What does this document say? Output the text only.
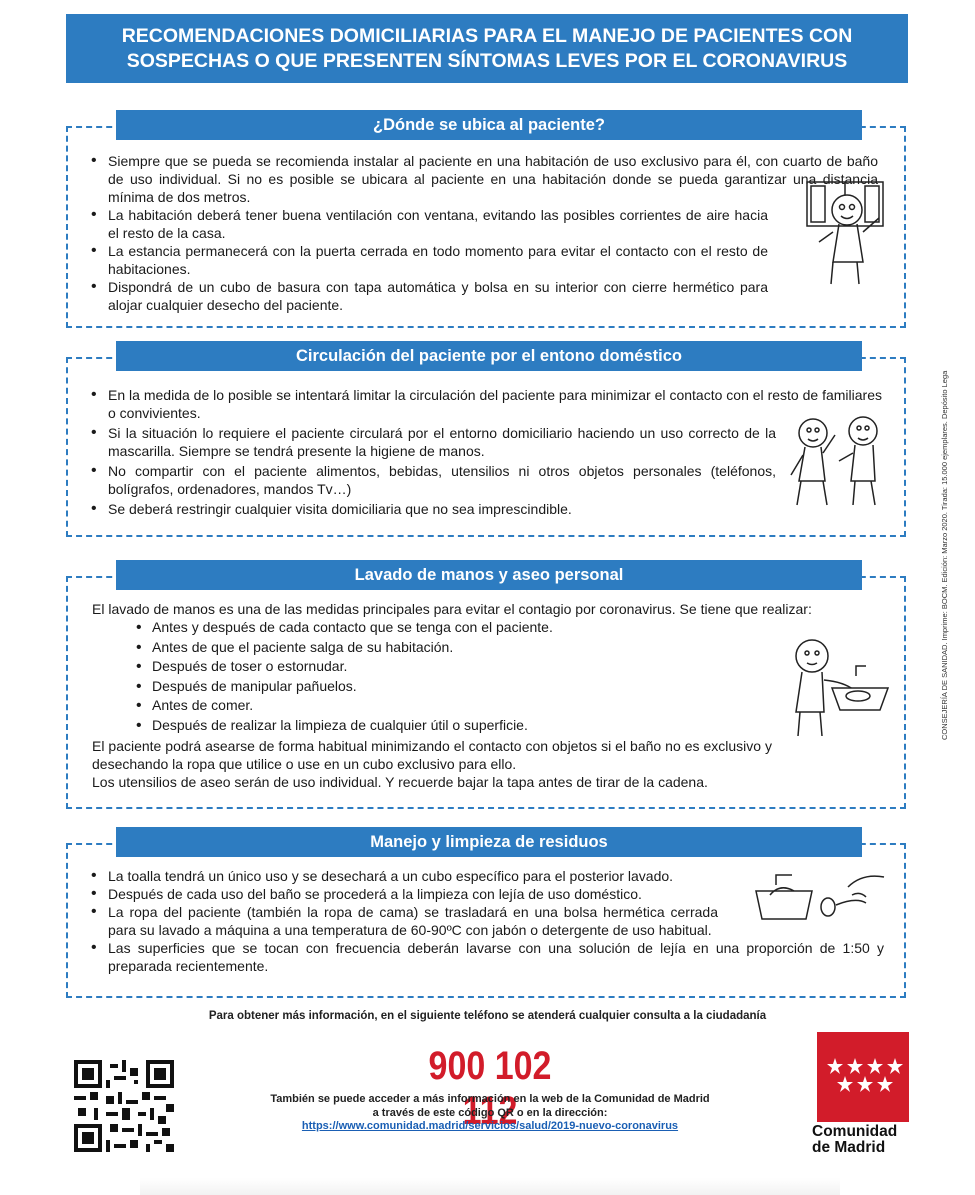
RECOMENDACIONES DOMICILIARIAS PARA EL MANEJO DE PACIENTES CON
SOSPECHAS O QUE PRESENTEN SÍNTOMAS LEVES POR EL CORONAVIRUS
¿Dónde se ubica al paciente?
• Siempre que se pueda se recomienda instalar al paciente en una habitación de uso exclusivo para él, con cuarto de baño de uso individual. Si no es posible se ubicara al paciente en una habitación donde se pueda garantizar una distancia mínima de dos metros.
• La habitación deberá tener buena ventilación con ventana, evitando las posibles corrientes de aire hacia el resto de la casa.
• La estancia permanecerá con la puerta cerrada en todo momento para evitar el contacto con el resto de habitaciones.
• Dispondrá de un cubo de basura con tapa automática y bolsa en su interior con cierre hermético para alojar cualquier desecho del paciente.
Circulación del paciente por el entono doméstico
• En la medida de lo posible se intentará limitar la circulación del paciente para minimizar el contacto con el resto de familiares o convivientes.
• Si la situación lo requiere el paciente circulará por el entorno domiciliario haciendo un uso correcto de la mascarilla. Siempre se tendrá presente la higiene de manos.
• No compartir con el paciente alimentos, bebidas, utensilios ni otros objetos personales (teléfonos, bolígrafos, ordenadores, mandos Tv…)
• Se deberá restringir cualquier visita domiciliaria que no sea imprescindible.
Lavado de manos y aseo personal

El lavado de manos es una de las medidas principales para evitar el contagio por coronavirus. Se tiene que realizar:

• Antes y después de cada contacto que se tenga con el paciente.
• Antes de que el paciente salga de su habitación.
• Después de toser o estornudar.
• Después de manipular pañuelos.
• Antes de comer.
• Después de realizar la limpieza de cualquier útil o superficie.

El paciente podrá asearse de forma habitual minimizando el contacto con objetos si el baño no es exclusivo y desechando la ropa que utilice o use en un cubo exclusivo para ello.

Los utensilios de aseo serán de uso individual. Y recuerde bajar la tapa antes de tirar de la cadena.

Manejo y limpieza de residuos
• La toalla tendrá un único uso y se desechará a un cubo específico para el posterior lavado.
• Después de cada uso del baño se procederá a la limpieza con lejía de uso doméstico.
• La ropa del paciente (también la ropa de cama) se trasladará en una bolsa hermética cerrada para su lavado a máquina a una temperatura de 60-90ºC con jabón o detergente de uso habitual.
• Las superficies que se tocan con frecuencia deberán lavarse con una solución de lejía en una proporción de 1:50 y preparada recientemente.
CONSEJERÍA DE SANIDAD. Imprime: BOCM. Edición: Marzo 2020. Tirada: 15.000 ejemplares. Depósito Lega
Para obtener más información, en el siguiente teléfono se atenderá cualquier consulta a la ciudadanía
900 102 112
También se puede acceder a más información en la web de la Comunidad de Madrid
a través de este código QR o en la dirección:
https://www.comunidad.madrid/servicios/salud/2019-nuevo-coronavirus	Comunidad
de Madrid
